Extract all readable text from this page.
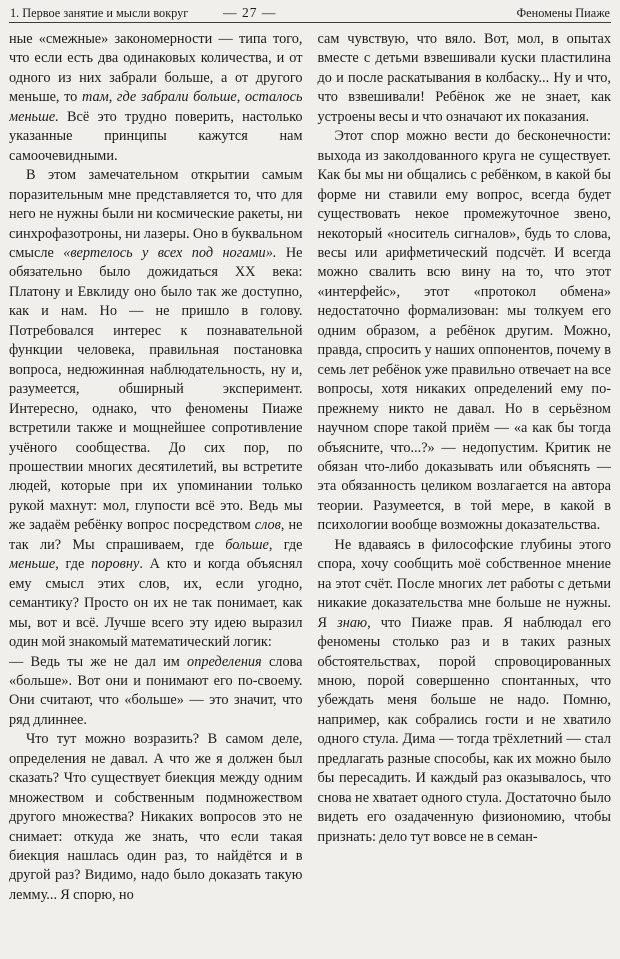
1. Первое занятие и мысли вокруг	— 27 —	Феномены Пиаже

ные «смежные» закономерности — типа того, что если есть два одинаковых количества, и от одного из них забрали больше, а от другого меньше, то там, где забрали больше, осталось меньше. Всё это трудно поверить, настолько указанные принципы кажутся нам самоочевидными.

В этом замечательном открытии самым поразительным мне представляется то, что для него не нужны были ни космические ракеты, ни синхрофазотроны, ни лазеры. Оно в буквальном смысле «вертелось у всех под ногами». Не обязательно было дожидаться XX века: Платону и Евклиду оно было так же доступно, как и нам. Но — не пришло в голову. Потребовался интерес к познавательной функции человека, правильная постановка вопроса, недюжинная наблюдательность, ну и, разумеется, обширный эксперимент. Интересно, однако, что феномены Пиаже встретили также и мощнейшее сопротивление учёного сообщества. До сих пор, по прошествии многих десятилетий, вы встретите людей, которые при их упоминании только рукой махнут: мол, глупости всё это. Ведь мы же задаём ребёнку вопрос посредством слов, не так ли? Мы спрашиваем, где больше, где меньше, где поровну. А кто и когда объяснял ему смысл этих слов, их, если угодно, семантику? Просто он их не так понимает, как мы, вот и всё. Лучше всего эту идею выразил один мой знакомый математический логик:

— Ведь ты же не дал им определения слова «больше». Вот они и понимают его по-своему. Они считают, что «больше» — это значит, что ряд длиннее.

Что тут можно возразить? В самом деле, определения не давал. А что же я должен был сказать? Что существует биекция между одним множеством и собственным подмножеством другого множества? Никаких вопросов это не снимает: откуда же знать, что если такая биекция нашлась один раз, то найдётся и в другой раз? Видимо, надо было доказать такую лемму... Я спорю, но

сам чувствую, что вяло. Вот, мол, в опытах вместе с детьми взвешивали куски пластилина до и после раскатывания в колбаску... Ну и что, что взвешивали! Ребёнок же не знает, как устроены весы и что означают их показания.

Этот спор можно вести до бесконечности: выхода из заколдованного круга не существует. Как бы мы ни общались с ребёнком, в какой бы форме ни ставили ему вопрос, всегда будет существовать некое промежуточное звено, некоторый «носитель сигналов», будь то слова, весы или арифметический подсчёт. И всегда можно свалить всю вину на то, что этот «интерфейс», этот «протокол обмена» недостаточно формализован: мы толкуем его одним образом, а ребёнок другим. Можно, правда, спросить у наших оппонентов, почему в семь лет ребёнок уже правильно отвечает на все вопросы, хотя никаких определений ему по-прежнему никто не давал. Но в серьёзном научном споре такой приём — «а как бы тогда объясните, что...?» — недопустим. Критик не обязан что-либо доказывать или объяснять — эта обязанность целиком возлагается на автора теории. Разумеется, в той мере, в какой в психологии вообще возможны доказательства.

Не вдаваясь в философские глубины этого спора, хочу сообщить моё собственное мнение на этот счёт. После многих лет работы с детьми никакие доказательства мне больше не нужны. Я знаю, что Пиаже прав. Я наблюдал его феномены столько раз и в таких разных обстоятельствах, порой спровоцированных мною, порой совершенно спонтанных, что убеждать меня больше не надо. Помню, например, как собрались гости и не хватило одного стула. Дима — тогда трёхлетний — стал предлагать разные способы, как их можно было бы пересадить. И каждый раз оказывалось, что снова не хватает одного стула. Достаточно было видеть его озадаченную физиономию, чтобы признать: дело тут вовсе не в семан-
